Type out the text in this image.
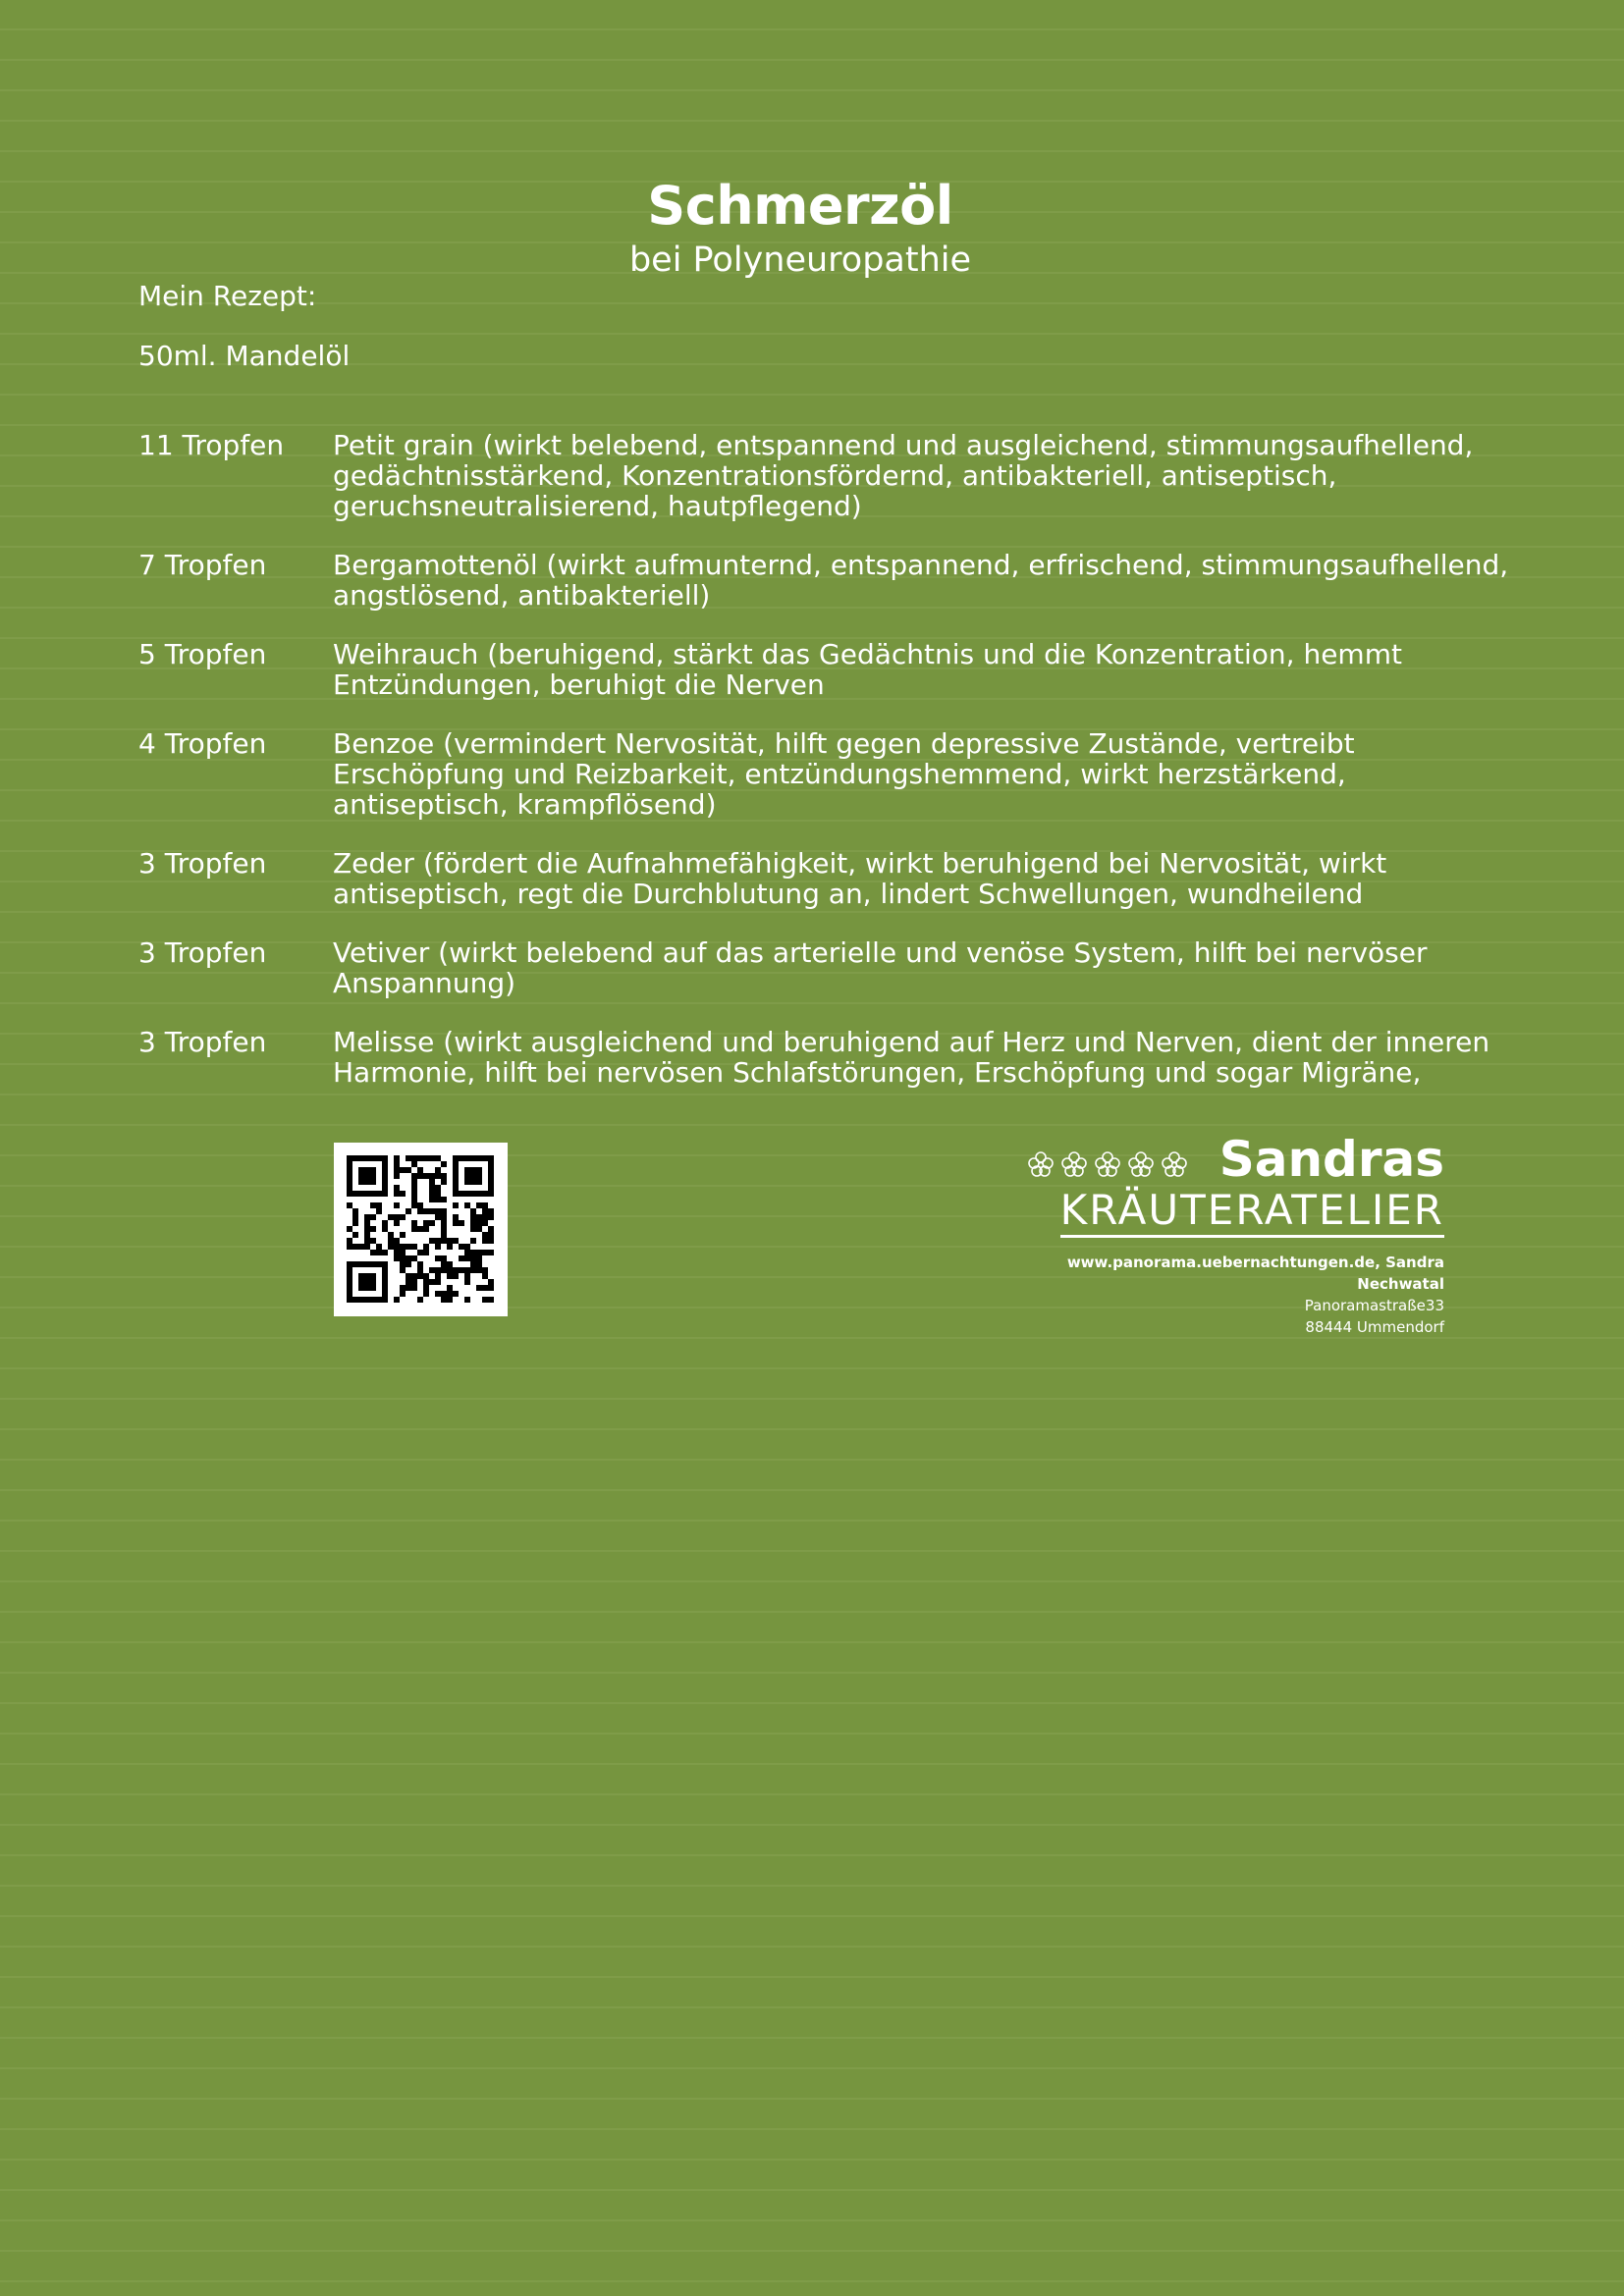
Schmerzöl
bei Polyneuropathie
Mein Rezept:
50ml. Mandelöl
11 Tropfen	Petit grain (wirkt belebend, entspannend und ausgleichend, stimmungsaufhellend, gedächtnisstärkend, Konzentrationsfördernd, antibakteriell, antiseptisch, geruchsneutralisierend, hautpflegend)
7 Tropfen	Bergamottenöl (wirkt aufmunternd, entspannend, erfrischend, stimmungsaufhellend, angstlösend, antibakteriell)
5 Tropfen	Weihrauch (beruhigend, stärkt das Gedächtnis und die Konzentration, hemmt Entzündungen, beruhigt die Nerven
4 Tropfen	Benzoe (vermindert Nervosität, hilft gegen depressive Zustände, vertreibt Erschöpfung und Reizbarkeit, entzündungshemmend, wirkt herzstärkend, antiseptisch, krampflösend)
3 Tropfen	Zeder (fördert die Aufnahmefähigkeit, wirkt beruhigend bei Nervosität, wirkt antiseptisch, regt die Durchblutung an, lindert Schwellungen, wundheilend
3 Tropfen	Vetiver (wirkt belebend auf das arterielle und venöse System, hilft bei nervöser Anspannung)
3 Tropfen	Melisse (wirkt ausgleichend und beruhigend auf Herz und Nerven, dient der inneren Harmonie, hilft bei nervösen Schlafstörungen, Erschöpfung und sogar Migräne,
Sandras
KRÄUTERATELIER
www.panorama.uebernachtungen.de, Sandra Nechwatal
Panoramastraße33
88444 Ummendorf
